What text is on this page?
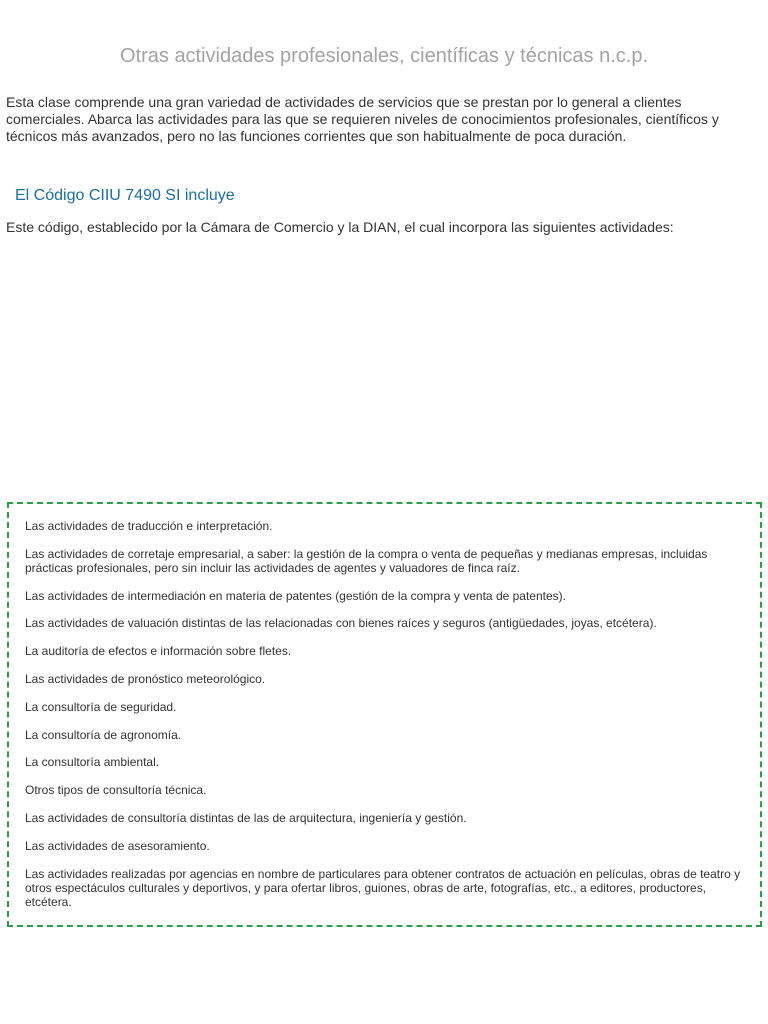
Otras actividades profesionales, científicas y técnicas n.c.p.

Esta clase comprende una gran variedad de actividades de servicios que se prestan por lo general a clientes comerciales. Abarca las actividades para las que se requieren niveles de conocimientos profesionales, científicos y técnicos más avanzados, pero no las funciones corrientes que son habitualmente de poca duración.

El Código CIIU 7490 SI incluye

Este código, establecido por la Cámara de Comercio y la DIAN, el cual incorpora las siguientes actividades:

Las actividades de traducción e interpretación.
Las actividades de corretaje empresarial, a saber: la gestión de la compra o venta de pequeñas y medianas empresas, incluidas prácticas profesionales, pero sin incluir las actividades de agentes y valuadores de finca raíz.
Las actividades de intermediación en materia de patentes (gestión de la compra y venta de patentes).
Las actividades de valuación distintas de las relacionadas con bienes raíces y seguros (antigüedades, joyas, etcétera).
La auditoría de efectos e información sobre fletes.
Las actividades de pronóstico meteorológico.
La consultoría de seguridad.
La consultoría de agronomía.
La consultoría ambiental.
Otros tipos de consultoría técnica.
Las actividades de consultoría distintas de las de arquitectura, ingeniería y gestión.
Las actividades de asesoramiento.
Las actividades realizadas por agencias en nombre de particulares para obtener contratos de actuación en películas, obras de teatro y otros espectáculos culturales y deportivos, y para ofertar libros, guiones, obras de arte, fotografías, etc., a editores, productores, etcétera.
